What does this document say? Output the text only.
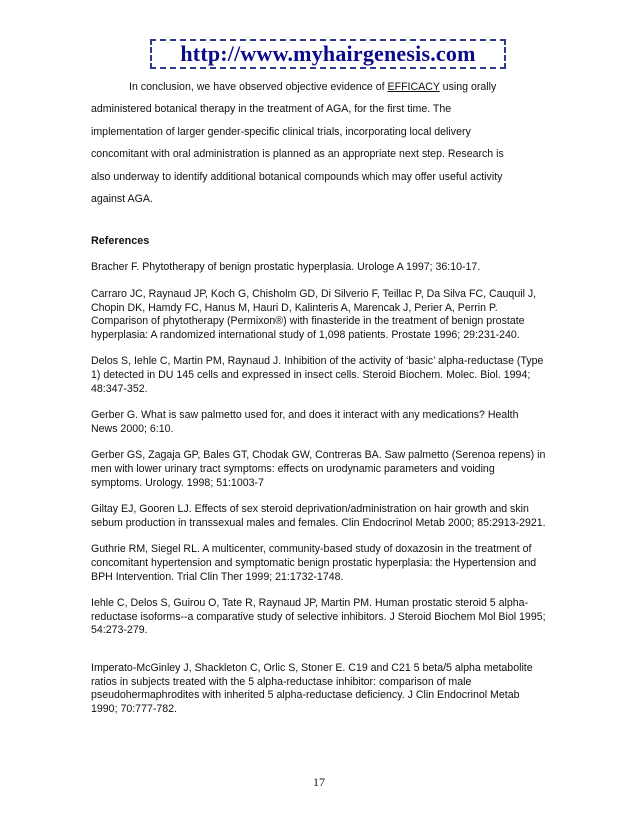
http://www.myhairgenesis.com

In conclusion, we have observed objective evidence of EFFICACY using orally

administered botanical therapy in the treatment of AGA, for the first time. The

implementation of larger gender-specific clinical trials, incorporating local delivery

concomitant with oral administration is planned as an appropriate next step. Research is

also underway to identify additional botanical compounds which may offer useful activity

against AGA.

References

Bracher F. Phytotherapy of benign prostatic hyperplasia. Urologe A 1997; 36:10-17.

Carraro JC, Raynaud JP, Koch G, Chisholm GD, Di Silverio F, Teillac P, Da Silva FC, Cauquil J, Chopin DK, Hamdy FC, Hanus M, Hauri D, Kalinteris A, Marencak J, Perier A, Perrin P. Comparison of phytotherapy (Permixon®) with finasteride in the treatment of benign prostate hyperplasia: A randomized international study of 1,098 patients. Prostate 1996; 29:231-240.

Delos S, Iehle C, Martin PM, Raynaud J. Inhibition of the activity of ‘basic’ alpha-reductase (Type 1) detected in DU 145 cells and expressed in insect cells. Steroid Biochem. Molec. Biol. 1994; 48:347-352.

Gerber G. What is saw palmetto used for, and does it interact with any medications? Health News 2000; 6:10.

Gerber GS, Zagaja GP, Bales GT, Chodak GW, Contreras BA. Saw palmetto (Serenoa repens) in men with lower urinary tract symptoms: effects on urodynamic parameters and voiding symptoms. Urology. 1998; 51:1003-7

Giltay EJ, Gooren LJ. Effects of sex steroid deprivation/administration on hair growth and skin sebum production in transsexual males and females. Clin Endocrinol Metab 2000; 85:2913-2921.

Guthrie RM, Siegel RL. A multicenter, community-based study of doxazosin in the treatment of concomitant hypertension and symptomatic benign prostatic hyperplasia: the Hypertension and BPH Intervention. Trial Clin Ther 1999; 21:1732-1748.

Iehle C, Delos S, Guirou O, Tate R, Raynaud JP, Martin PM. Human prostatic steroid 5 alpha-reductase isoforms--a comparative study of selective inhibitors. J Steroid Biochem Mol Biol 1995; 54:273-279.

Imperato-McGinley J, Shackleton C, Orlic S, Stoner E. C19 and C21 5 beta/5 alpha metabolite ratios in subjects treated with the 5 alpha-reductase inhibitor: comparison of male pseudohermaphrodites with inherited 5 alpha-reductase deficiency. J Clin Endocrinol Metab 1990; 70:777-782.

17
